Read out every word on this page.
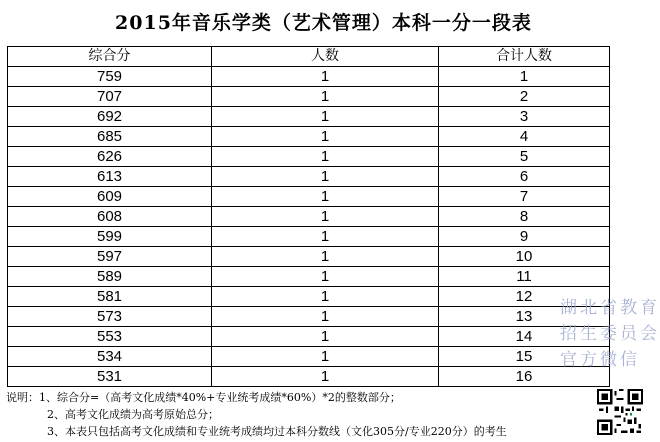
2015年音乐学类（艺术管理）本科一分一段表
综合分	人数	合计人数
759	1	1
707	1	2
692	1	3
685	1	4
626	1	5
613	1	6
609	1	7
608	1	8
599	1	9
597	1	10
589	1	11
581	1	12
573	1	13
553	1	14
534	1	15
531	1	16
说明：1、综合分=（高考文化成绩*40%+专业统考成绩*60%）*2的整数部分；
2、高考文化成绩为高考原始总分；
3、本表只包括高考文化成绩和专业统考成绩均过本科分数线（文化305分/专业220分）的考生
湖北省教育
招生委员会
官方微信
